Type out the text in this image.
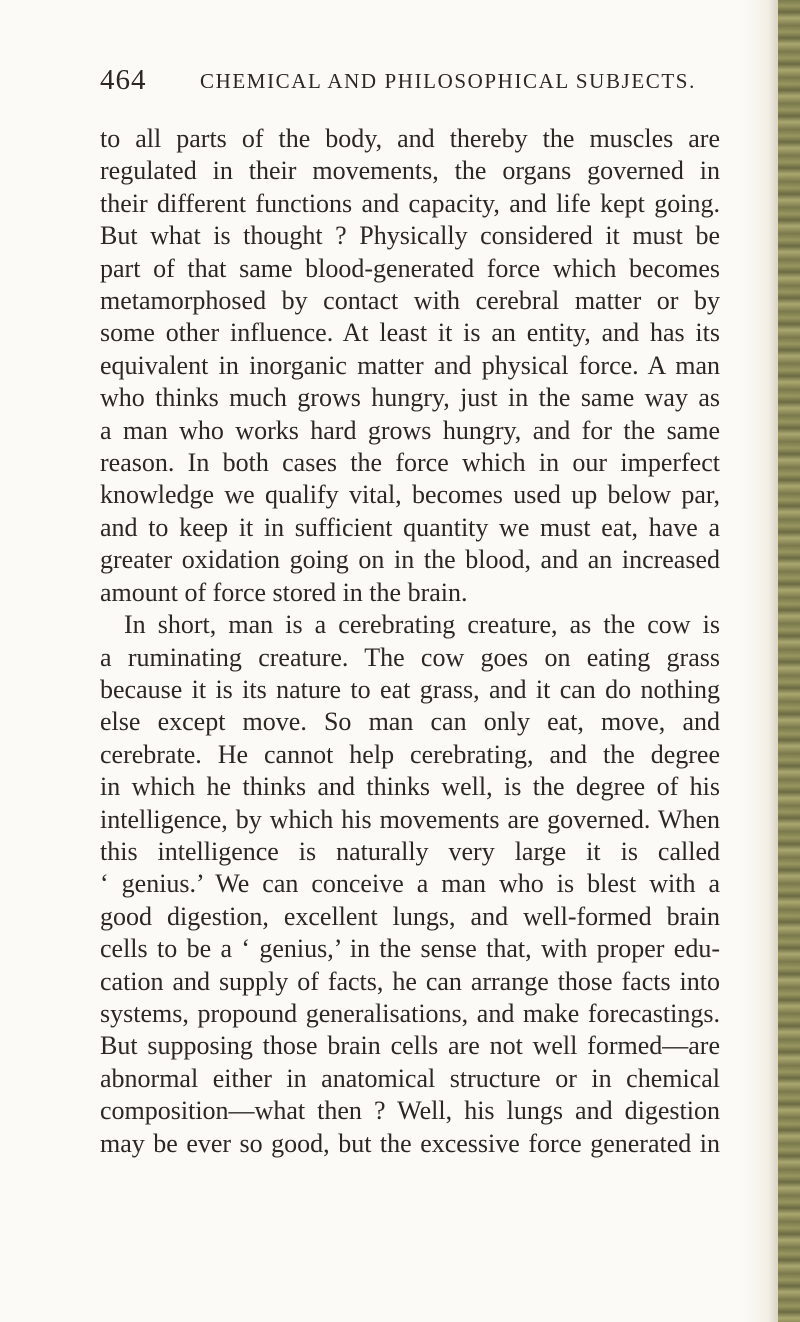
464	CHEMICAL AND PHILOSOPHICAL SUBJECTS.
to all parts of the body, and thereby the muscles are
regulated in their movements, the organs governed in
their different functions and capacity, and life kept going.
But what is thought ? Physically considered it must be
part of that same blood-generated force which becomes
metamorphosed by contact with cerebral matter or by
some other influence. At least it is an entity, and has its
equivalent in inorganic matter and physical force. A man
who thinks much grows hungry, just in the same way as
a man who works hard grows hungry, and for the same
reason. In both cases the force which in our imperfect
knowledge we qualify vital, becomes used up below par,
and to keep it in sufficient quantity we must eat, have a
greater oxidation going on in the blood, and an increased
amount of force stored in the brain.
In short, man is a cerebrating creature, as the cow is
a ruminating creature. The cow goes on eating grass
because it is its nature to eat grass, and it can do nothing
else except move. So man can only eat, move, and
cerebrate. He cannot help cerebrating, and the degree
in which he thinks and thinks well, is the degree of his
intelligence, by which his movements are governed. When
this intelligence is naturally very large it is called
‘ genius.’ We can conceive a man who is blest with a
good digestion, excellent lungs, and well-formed brain
cells to be a ‘ genius,’ in the sense that, with proper edu-
cation and supply of facts, he can arrange those facts into
systems, propound generalisations, and make forecastings.
But supposing those brain cells are not well formed—are
abnormal either in anatomical structure or in chemical
composition—what then ? Well, his lungs and digestion
may be ever so good, but the excessive force generated in
